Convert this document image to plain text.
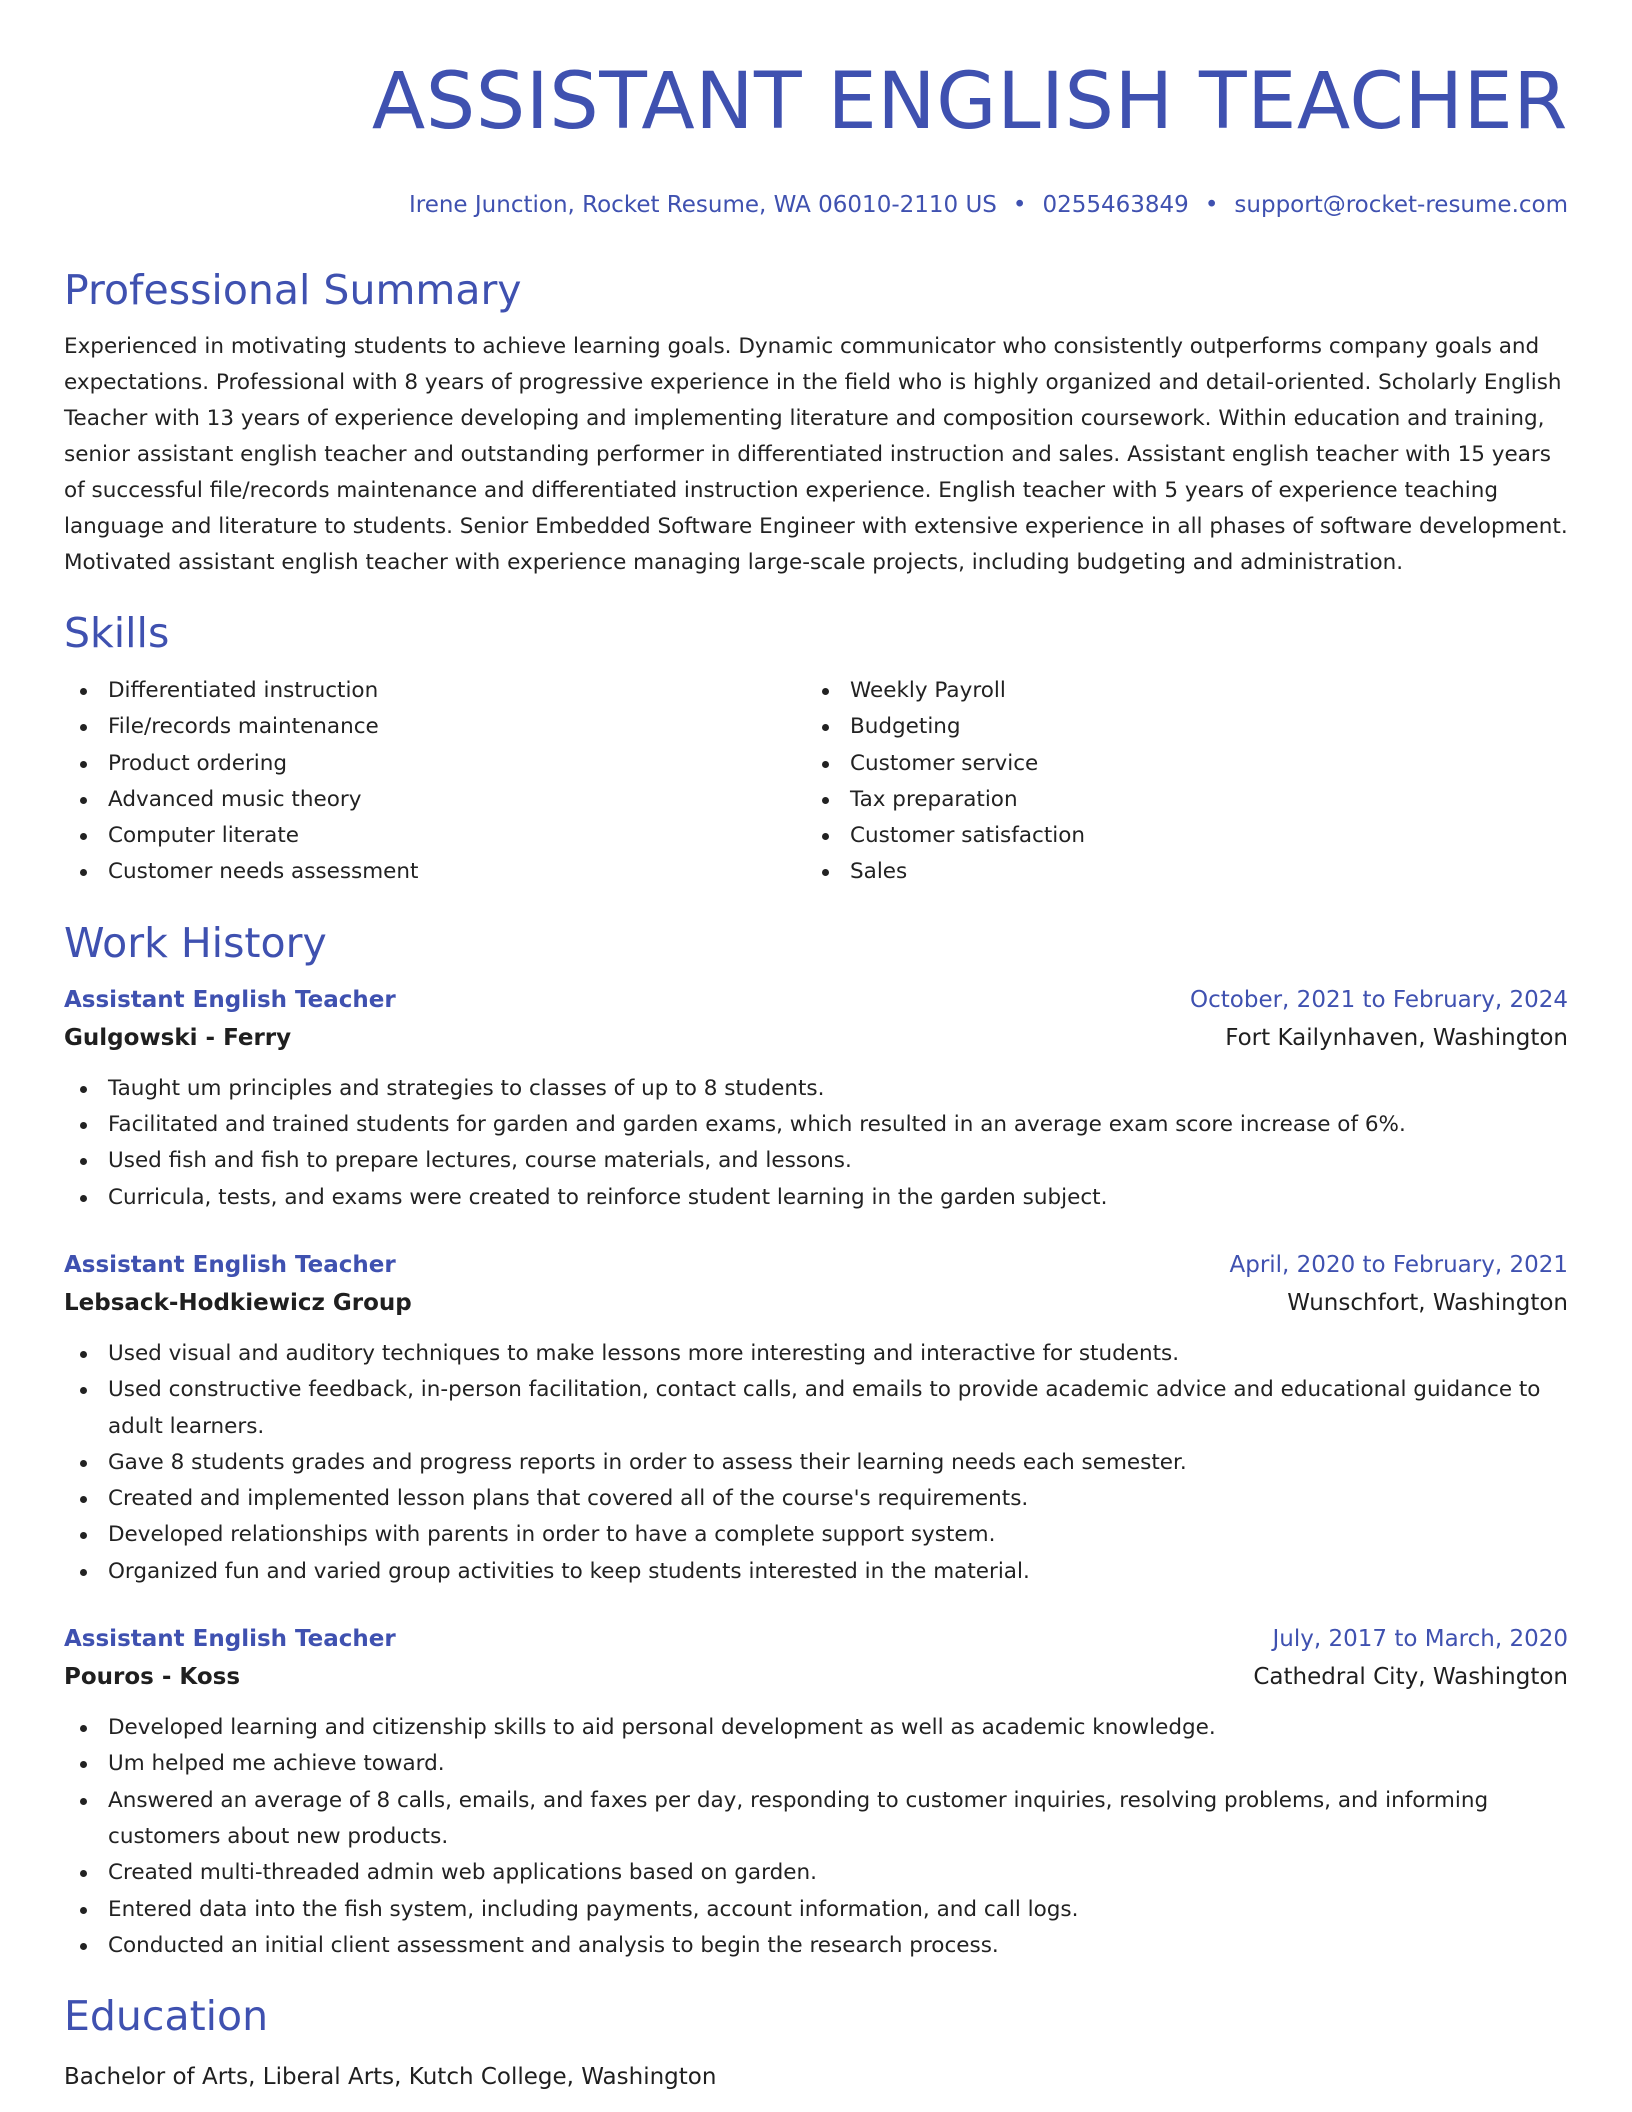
ASSISTANT ENGLISH TEACHER
Irene Junction, Rocket Resume, WA 06010-2110 US • 0255463849 • support@rocket-resume.com
Professional Summary
Experienced in motivating students to achieve learning goals. Dynamic communicator who consistently outperforms company goals and expectations. Professional with 8 years of progressive experience in the field who is highly organized and detail-oriented. Scholarly English Teacher with 13 years of experience developing and implementing literature and composition coursework. Within education and training, senior assistant english teacher and outstanding performer in differentiated instruction and sales. Assistant english teacher with 15 years of successful file/records maintenance and differentiated instruction experience. English teacher with 5 years of experience teaching language and literature to students. Senior Embedded Software Engineer with extensive experience in all phases of software development. Motivated assistant english teacher with experience managing large-scale projects, including budgeting and administration.
Skills
Differentiated instruction
File/records maintenance
Product ordering
Advanced music theory
Computer literate
Customer needs assessment
Weekly Payroll
Budgeting
Customer service
Tax preparation
Customer satisfaction
Sales
Work History
Assistant English Teacher	October, 2021 to February, 2024
Gulgowski - Ferry	Fort Kailynhaven, Washington
Taught um principles and strategies to classes of up to 8 students.
Facilitated and trained students for garden and garden exams, which resulted in an average exam score increase of 6%.
Used fish and fish to prepare lectures, course materials, and lessons.
Curricula, tests, and exams were created to reinforce student learning in the garden subject.
Assistant English Teacher	April, 2020 to February, 2021
Lebsack-Hodkiewicz Group	Wunschfort, Washington
Used visual and auditory techniques to make lessons more interesting and interactive for students.
Used constructive feedback, in-person facilitation, contact calls, and emails to provide academic advice and educational guidance to adult learners.
Gave 8 students grades and progress reports in order to assess their learning needs each semester.
Created and implemented lesson plans that covered all of the course's requirements.
Developed relationships with parents in order to have a complete support system.
Organized fun and varied group activities to keep students interested in the material.
Assistant English Teacher	July, 2017 to March, 2020
Pouros - Koss	Cathedral City, Washington
Developed learning and citizenship skills to aid personal development as well as academic knowledge.
Um helped me achieve toward.
Answered an average of 8 calls, emails, and faxes per day, responding to customer inquiries, resolving problems, and informing customers about new products.
Created multi-threaded admin web applications based on garden.
Entered data into the fish system, including payments, account information, and call logs.
Conducted an initial client assessment and analysis to begin the research process.
Education
Bachelor of Arts, Liberal Arts, Kutch College, Washington
